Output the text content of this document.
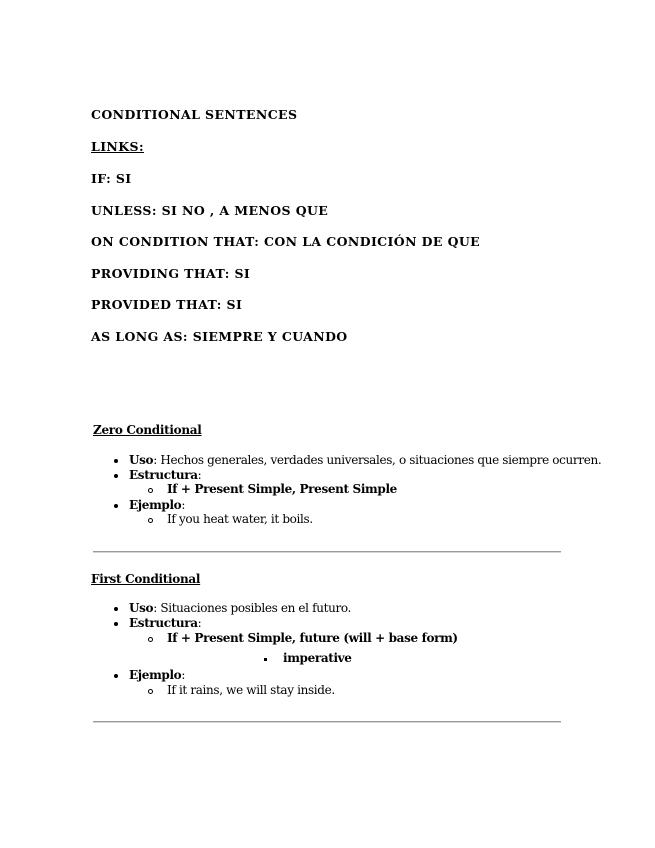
CONDITIONAL SENTENCES
LINKS:
IF: SI
UNLESS: SI NO , A MENOS QUE
ON CONDITION THAT: CON LA CONDICIÓN DE QUE
PROVIDING THAT: SI
PROVIDED THAT: SI
AS LONG AS: SIEMPRE Y CUANDO
Zero Conditional
Uso: Hechos generales, verdades universales, o situaciones que siempre ocurren.
Estructura:
If + Present Simple, Present Simple
Ejemplo:
If you heat water, it boils.
First Conditional
Uso: Situaciones posibles en el futuro.
Estructura:
If + Present Simple, future (will + base form)
imperative
Ejemplo:
If it rains, we will stay inside.
